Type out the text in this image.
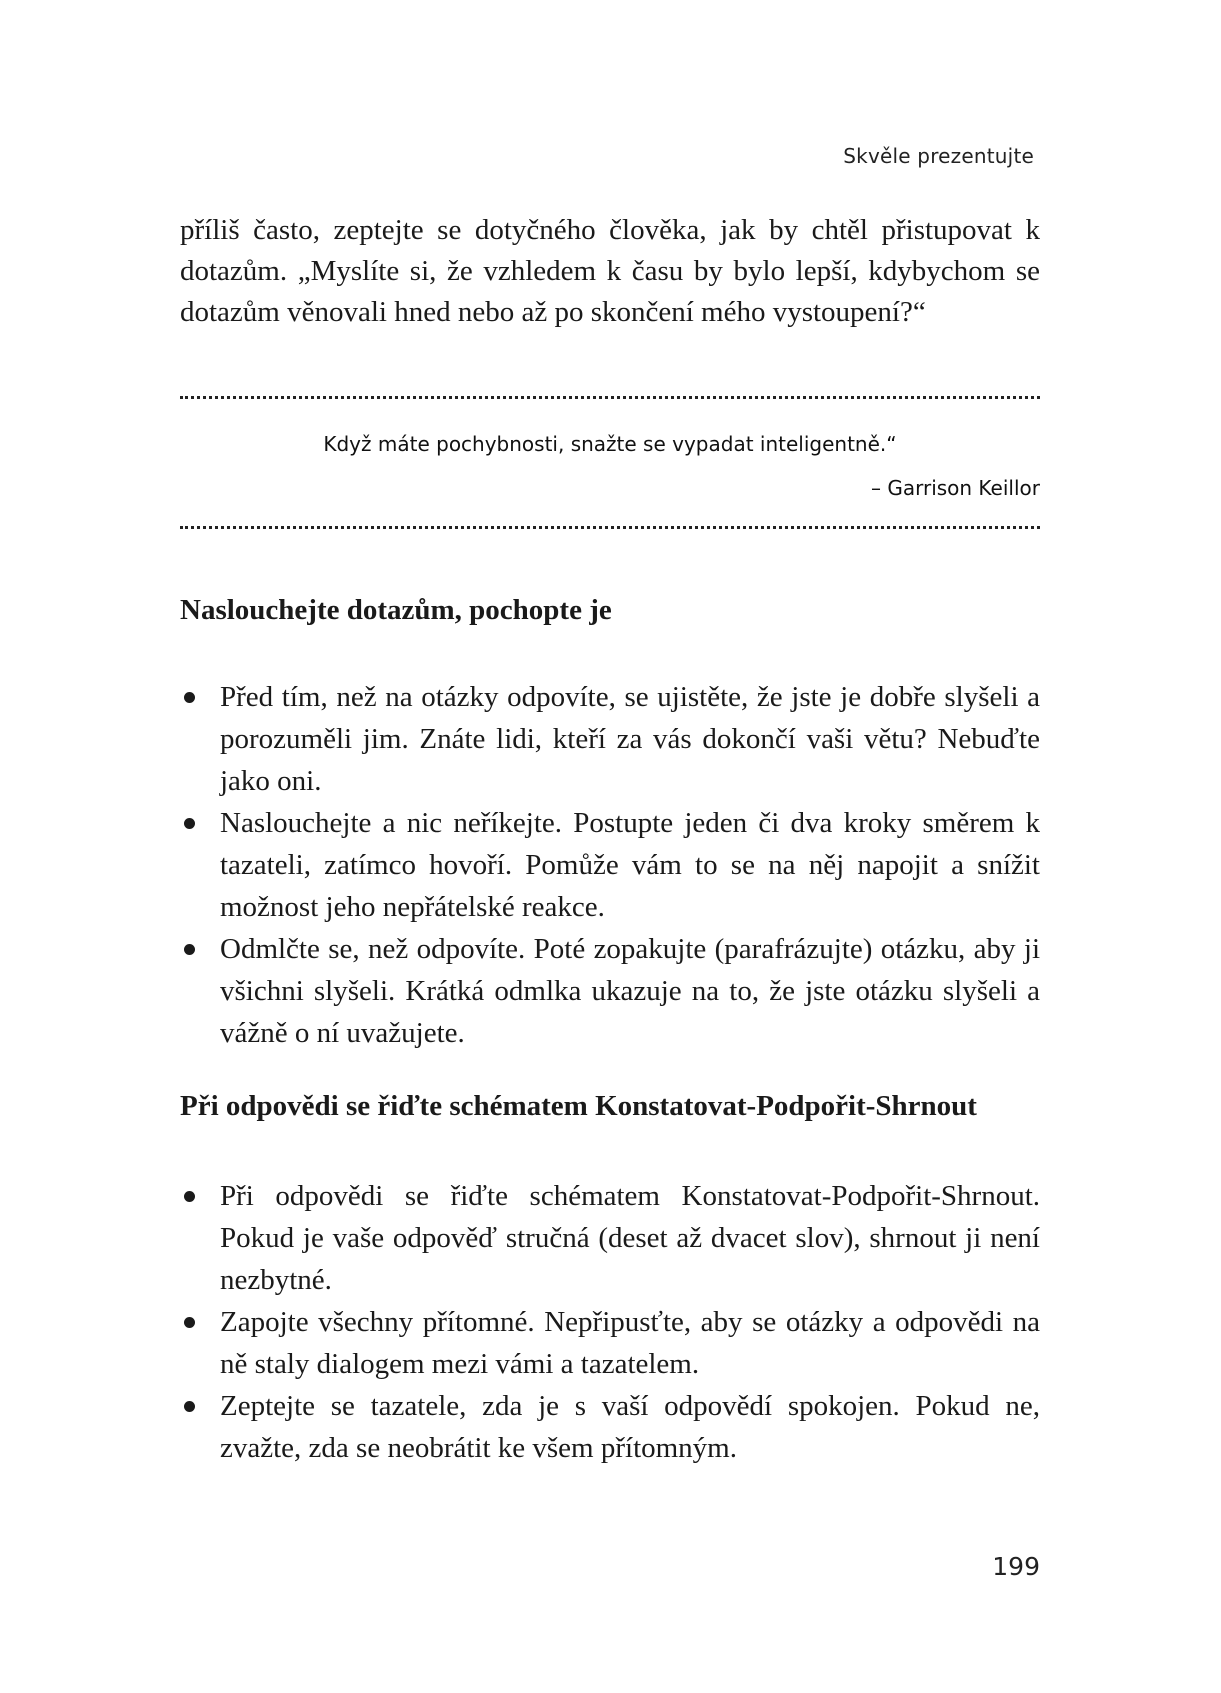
Skvěle prezentujte

příliš často, zeptejte se dotyčného člověka, jak by chtěl přistupovat k dotazům. „Myslíte si, že vzhledem k času by bylo lepší, kdybychom se dotazům věnovali hned nebo až po skončení mého vystoupení?“

Když máte pochybnosti, snažte se vypadat inteligentně.“
– Garrison Keillor
Naslouchejte dotazům, pochopte je
Před tím, než na otázky odpovíte, se ujistěte, že jste je dobře slyšeli a porozuměli jim. Znáte lidi, kteří za vás dokončí vaši větu? Nebuďte jako oni.
Naslouchejte a nic neříkejte. Postupte jeden či dva kroky směrem k tazateli, zatímco hovoří. Pomůže vám to se na něj napojit a snížit možnost jeho nepřátelské reakce.
Odmlčte se, než odpovíte. Poté zopakujte (parafrázujte) otázku, aby ji všichni slyšeli. Krátká odmlka ukazuje na to, že jste otázku slyšeli a vážně o ní uvažujete.
Při odpovědi se řiďte schématem Konstatovat-Podpořit-Shrnout
Při odpovědi se řiďte schématem Konstatovat-Podpořit-Shrnout. Pokud je vaše odpověď stručná (deset až dvacet slov), shrnout ji není nezbytné.
Zapojte všechny přítomné. Nepřipusťte, aby se otázky a odpovědi na ně staly dialogem mezi vámi a tazatelem.
Zeptejte se tazatele, zda je s vaší odpovědí spokojen. Pokud ne, zvažte, zda se neobrátit ke všem přítomným.
199
